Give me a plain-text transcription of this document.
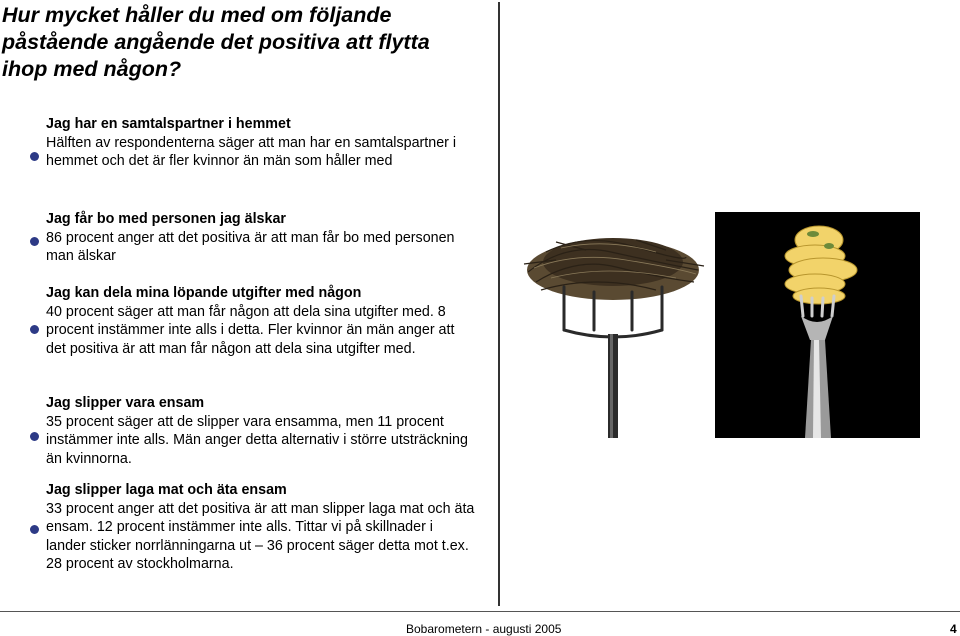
Hur mycket håller du med om följande påstående angående det positiva att flytta ihop med någon?
Jag har en samtalspartner i hemmet
Hälften av respondenterna säger att man har en samtalspartner i hemmet och det är fler kvinnor än män som håller med
Jag får bo med personen jag älskar
86 procent anger att det positiva är att man får bo med personen man älskar
Jag kan dela mina löpande utgifter med någon
40 procent säger att man får någon att dela sina utgifter med. 8 procent instämmer inte alls i detta. Fler kvinnor än män anger att det positiva är att man får någon att dela sina utgifter med.
Jag slipper vara ensam
35 procent säger att de slipper vara ensamma, men 11 procent instämmer inte alls. Män anger detta alternativ i större utsträckning än kvinnorna.
Jag slipper laga mat och äta ensam
33 procent anger att det positiva är att man slipper laga mat och äta ensam. 12 procent instämmer inte alls. Tittar vi på skillnader i lander sticker norrlänningarna ut – 36 procent säger detta mot t.ex. 28 procent av stockholmarna.
Bobarometern - augusti 2005	4
